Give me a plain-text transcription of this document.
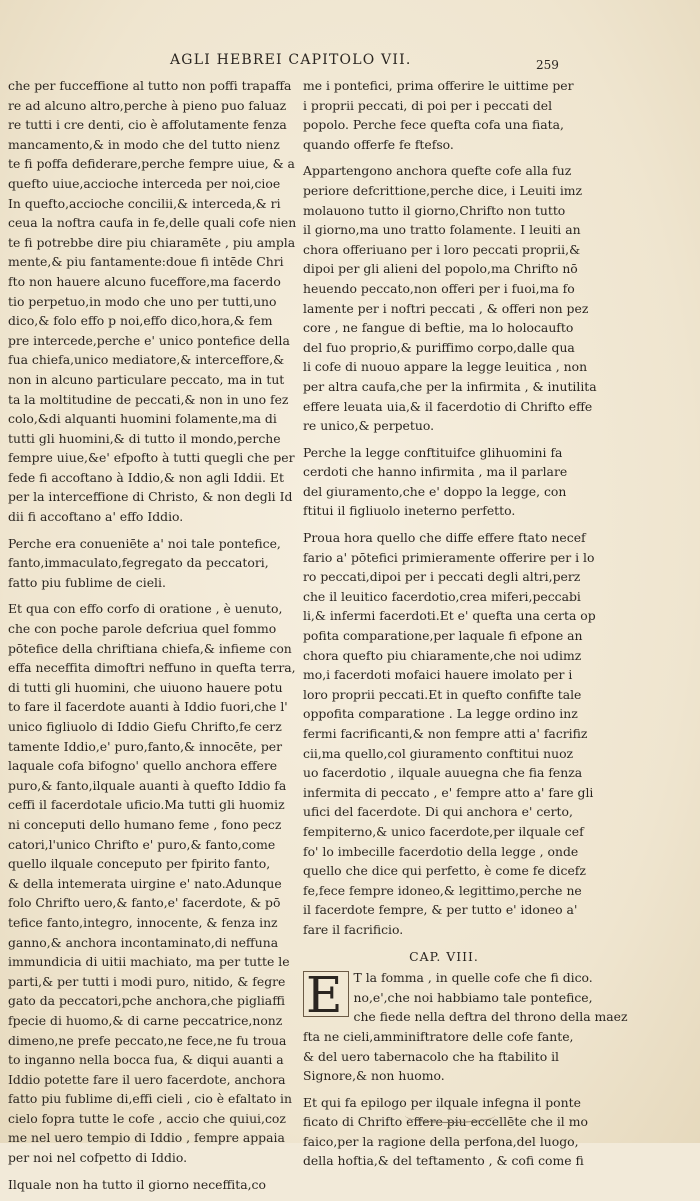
AGLI HEBREI CAPITOLO VII.	259
che per fucceffione al tutto non poffi trapaffa
re ad alcuno altro,perche à pieno puo faluaz
re tutti i cre denti, cio è affolutamente fenza
mancamento,& in modo che del tutto nienz
te fi poffa defiderare,perche fempre uiue, & a
quefto uiue,accioche interceda per noi,cioe
In quefto,accioche concilii,& interceda,& ri
ceua la noftra caufa in fe,delle quali cofe nien
te fi potrebbe dire piu chiaramēte , piu ampla
mente,& piu fantamente:doue fi intēde Chri
fto non hauere alcuno fuceffore,ma facerdo
tio perpetuo,in modo che uno per tutti,uno
dico,& folo effo p noi,effo dico,hora,& fem
pre intercede,perche e' unico pontefice della
fua chiefa,unico mediatore,& interceffore,&
non in alcuno particulare peccato, ma in tut
ta la moltitudine de peccati,& non in uno fez
colo,&di alquanti huomini folamente,ma di
tutti gli huomini,& di tutto il mondo,perche
fempre uiue,&e' efpofto à tutti quegli che per
fede fi accoftano à Iddio,& non agli Iddii. Et
per la interceffione di Christo, & non degli Id
dii fi accoftano a' effo Iddio.
Perche era conueniēte a' noi tale pontefice,
fanto,immaculato,fegregato da peccatori,
fatto piu fublime de cieli.
Et qua con effo corfo di oratione , è uenuto,
che con poche parole defcriua quel fommo
pōtefice della chriftiana chiefa,& infieme con
effa neceffita dimoftri neffuno in quefta terra,
di tutti gli huomini, che uiuono hauere potu
to fare il facerdote auanti à Iddio fuori,che l'
unico figliuolo di Iddio Giefu Chrifto,fe cerz
tamente Iddio,e' puro,fanto,& innocēte, per
laquale cofa bifogno' quello anchora effere
puro,& fanto,ilquale auanti à quefto Iddio fa
ceffi il facerdotale uficio.Ma tutti gli huomiz
ni conceputi dello humano feme , fono pecz
catori,l'unico Chrifto e' puro,& fanto,come
quello ilquale conceputo per fpirito fanto,
& della intemerata uirgine e' nato.Adunque
folo Chrifto uero,& fanto,e' facerdote, & pō
tefice fanto,integro, innocente, & fenza inz
ganno,& anchora incontaminato,di neffuna
immundicia di uitii machiato, ma per tutte le
parti,& per tutti i modi puro, nitido, & fegre
gato da peccatori,pche anchora,che pigliaffi
fpecie di huomo,& di carne peccatrice,nonz
dimeno,ne prefe peccato,ne fece,ne fu troua
to inganno nella bocca fua, & diqui auanti a
Iddio potette fare il uero facerdote, anchora
fatto piu fublime di,effi cieli , cio è efaltato in
cielo fopra tutte le cofe , accio che quiui,coz
me nel uero tempio di Iddio , fempre appaia
per noi nel cofpetto di Iddio.
Ilquale non ha tutto il giorno neceffita,co
me i pontefici, prima offerire le uittime per
i proprii peccati, di poi per i peccati del
popolo. Perche fece quefta cofa una fiata,
quando offerfe fe ftefso.
Appartengono anchora quefte cofe alla fuz
periore defcrittione,perche dice, i Leuiti imz
molauono tutto il giorno,Chrifto non tutto
il giorno,ma uno tratto folamente. I leuiti an
chora offeriuano per i loro peccati proprii,&
dipoi per gli alieni del popolo,ma Chrifto nō
heuendo peccato,non offeri per i fuoi,ma fo
lamente per i noftri peccati , & offeri non pez
core , ne fangue di beftie, ma lo holocaufto
del fuo proprio,& puriffimo corpo,dalle qua
li cofe di nuouo appare la legge leuitica , non
per altra caufa,che per la infirmita , & inutilita
effere leuata uia,& il facerdotio di Chrifto effe
re unico,& perpetuo.
Perche la legge conftituifce glihuomini fa
cerdoti che hanno infirmita , ma il parlare
del giuramento,che e' doppo la legge, con
ftitui il figliuolo ineterno perfetto.
Proua hora quello che diffe effere ftato necef
fario a' pōtefici primieramente offerire per i lo
ro peccati,dipoi per i peccati degli altri,perz
che il leuitico facerdotio,crea miferi,peccabi
li,& infermi facerdoti.Et e' quefta una certa op
pofita comparatione,per laquale fi efpone an
chora quefto piu chiaramente,che noi udimz
mo,i facerdoti mofaici hauere imolato per i
loro proprii peccati.Et in quefto confifte tale
oppofita comparatione . La legge ordino inz
fermi facrificanti,& non fempre atti a' facrifiz
cii,ma quello,col giuramento conftitui nuoz
uo facerdotio , ilquale auuegna che fia fenza
infermita di peccato , e' fempre atto a' fare gli
ufici del facerdote. Di qui anchora e' certo,
fempiterno,& unico facerdote,per ilquale cef
fo' lo imbecille facerdotio della legge , onde
quello che dice qui perfetto, è come fe dicefz
fe,fece fempre idoneo,& legittimo,perche ne
il facerdote fempre, & per tutto e' idoneo a'
fare il facrificio.
CAP. VIII.
E T la fomma , in quelle cofe che fi dico.
no,e',che noi habbiamo tale pontefice,
che fiede nella deftra del throno della maez
fta ne cieli,amminiftratore delle cofe fante,
& del uero tabernacolo che ha ftabilito il
Signore,& non huomo.
Et qui fa epilogo per ilquale infegna il ponte
ficato di Chrifto effere piu eccellēte che il mo
faico,per la ragione della perfona,del luogo,
della hoftia,& del teftamento , & cofi come fi
